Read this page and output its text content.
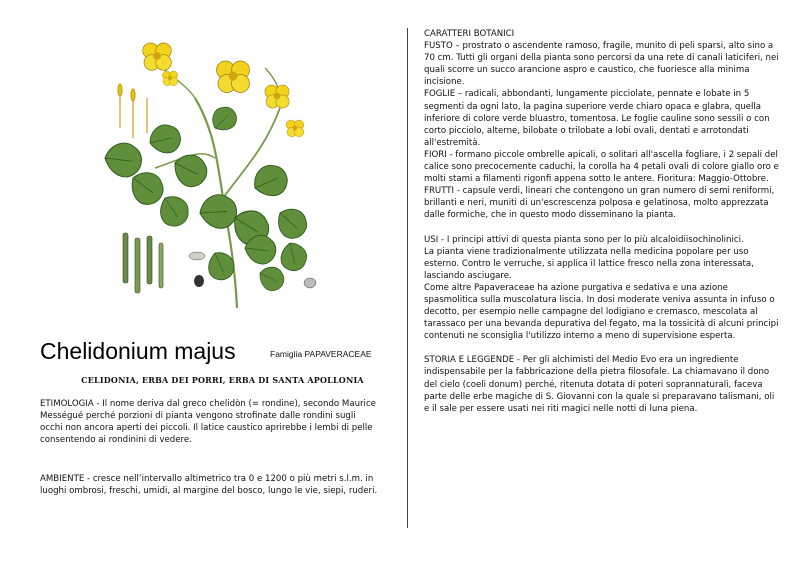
Chelidonium majus	Famiglia PAPAVERACEAE
CELIDONIA, ERBA DEI PORRI, ERBA DI SANTA APOLLONIA
ETIMOLOGIA - Il nome deriva dal greco chelidòn (= rondine), secondo Maurice Mességué perché porzioni di pianta vengono strofinate dalle rondini sugli occhi non ancora aperti dei piccoli. Il latice caustico aprirebbe i lembi di pelle consentendo ai rondinini di vedere.
AMBIENTE - cresce nell’intervallo altimetrico tra 0 e 1200 o più metri s.l.m. in luoghi ombrosi, freschi, umidi, al margine del bosco, lungo le vie, siepi, ruderi.

CARATTERI BOTANICI

FUSTO – prostrato o ascendente ramoso, fragile, munito di peli sparsi, alto sino a 70 cm. Tutti gli organi della pianta sono percorsi da una rete di canali laticiferi, nei quali scorre un succo arancione aspro e caustico, che fuoriesce alla minima incisione.

FOGLIE – radicali, abbondanti, lungamente picciolate, pennate e lobate in 5 segmenti da ogni lato, la pagina superiore verde chiaro opaca e glabra, quella inferiore di colore verde bluastro, tomentosa. Le foglie cauline sono sessili o con corto picciolo, alterne, bilobate o trilobate a lobi ovali, dentati e arrotondati all'estremità.

FIORI - formano piccole ombrelle apicali, o solitari all'ascella fogliare, i 2 sepali del calice sono precocemente caduchi, la corolla ha 4 petali ovali di colore giallo oro e molti stami a filamenti rigonfi appena sotto le antere. Fioritura: Maggio-Ottobre.

FRUTTI - capsule verdi, lineari che contengono un gran numero di semi reniformi, brillanti e neri, muniti di un'escrescenza polposa e gelatinosa, molto apprezzata dalle formiche, che in questo modo disseminano la pianta.

USI - I principi attivi di questa pianta sono per lo più alcaloidiisochinolinici.

La pianta viene tradizionalmente utilizzata nella medicina popolare per uso esterno. Contro le verruche, si applica il lattice fresco nella zona interessata, lasciando asciugare.

Come altre Papaveraceae ha azione purgativa e sedativa e una azione spasmolitica sulla muscolatura liscia. In dosi moderate veniva assunta in infuso o decotto, per esempio nelle campagne del lodigiano e cremasco, mescolata al tarassaco per una bevanda depurativa del fegato, ma la tossicità di alcuni principi contenuti ne sconsiglia l'utilizzo interno a meno di supervisione esperta.

STORIA E LEGGENDE - Per gli alchimisti del Medio Evo era un ingrediente indispensabile per la fabbricazione della pietra filosofale. La chiamavano il dono del cielo (coeli donum) perché, ritenuta dotata di poteri soprannaturali, faceva parte delle erbe magiche di S. Giovanni con la quale si preparavano talismani, oli e il sale per essere usati nei riti magici nelle notti di luna piena.
